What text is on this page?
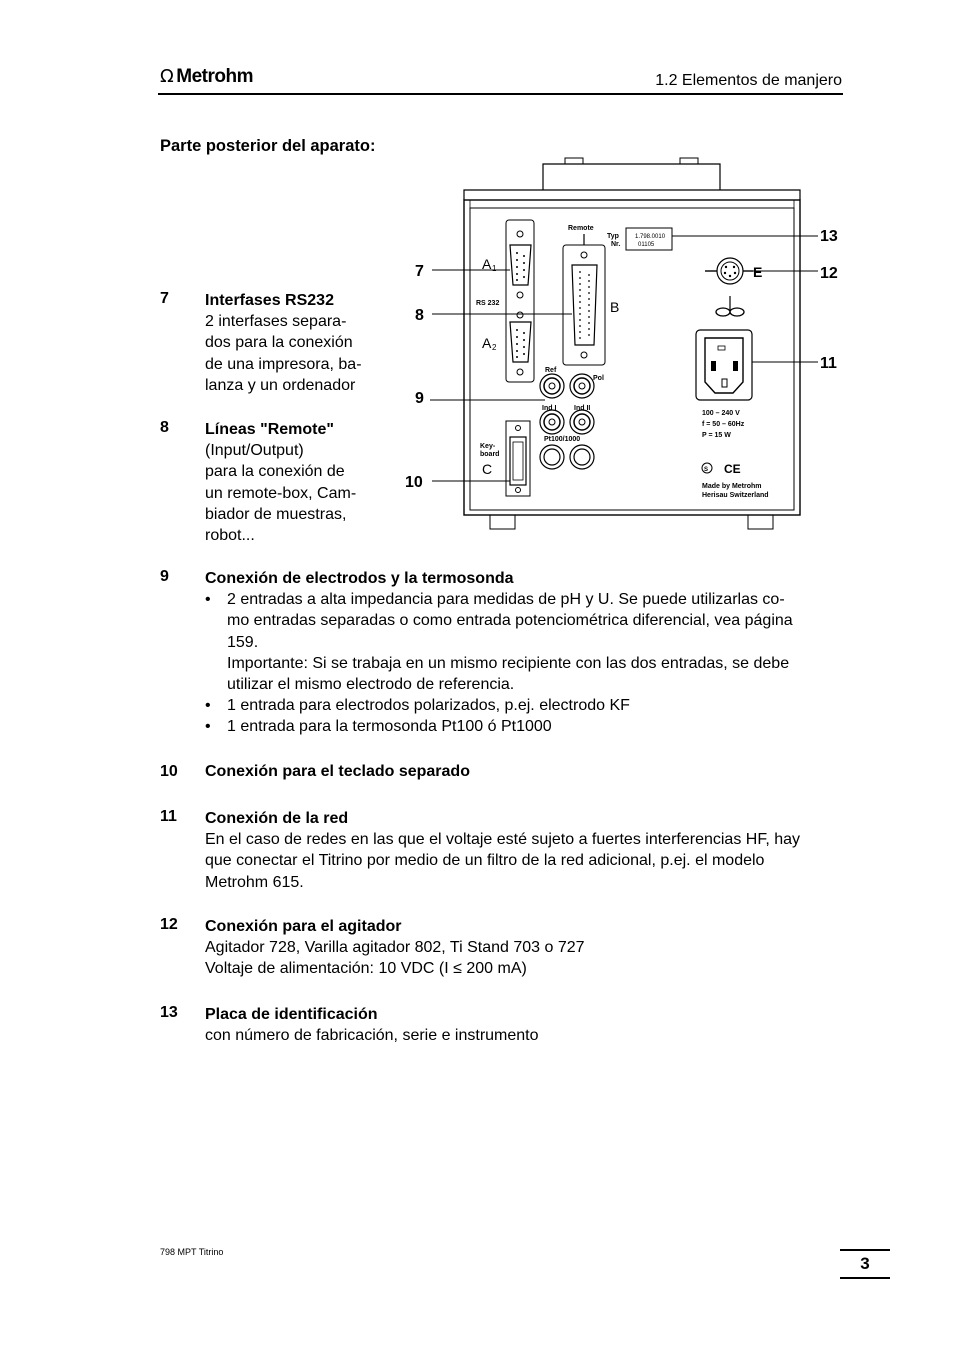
Ω Metrohm	1.2 Elementos de manjero
Parte posterior del aparato:
A 1
RS 232
A 2
Remote
B
Typ
Nr.
1.798.0010
01105
Ref
Pol
Ind I	Ind II
Pt100/1000
Key-
board
C
E
100 – 240 V
f = 50 – 60Hz
P = 15 W
S CE
Made by Metrohm
Herisau Switzerland
7
8
9
10
13
12
11
7 Interfases RS232
2 interfases separa-
dos para la conexión
de una impresora, ba-
lanza y un ordenador
8 Líneas "Remote"
(Input/Output)
para la conexión de
un remote-box, Cam-
biador de muestras,
robot...
9 Conexión de electrodos y la termosonda
• 2 entradas a alta impedancia para medidas de pH y U. Se puede utilizarlas co-
mo entradas separadas o como entrada potenciométrica diferencial, vea página
159.
Importante: Si se trabaja en un mismo recipiente con las dos entradas, se debe
utilizar el mismo electrodo de referencia.
• 1 entrada para electrodos polarizados, p.ej. electrodo KF
• 1 entrada para la termosonda Pt100 ó Pt1000
10 Conexión para el teclado separado
11 Conexión de la red
En el caso de redes en las que el voltaje esté sujeto a fuertes interferencias HF, hay
que conectar el Titrino por medio de un filtro de la red adicional, p.ej. el modelo
Metrohm 615.
12 Conexión para el agitador
Agitador 728, Varilla agitador 802, Ti Stand 703 o 727
Voltaje de alimentación: 10 VDC (I ≤ 200 mA)
13 Placa de identificación
con número de fabricación, serie e instrumento
798 MPT Titrino
3
